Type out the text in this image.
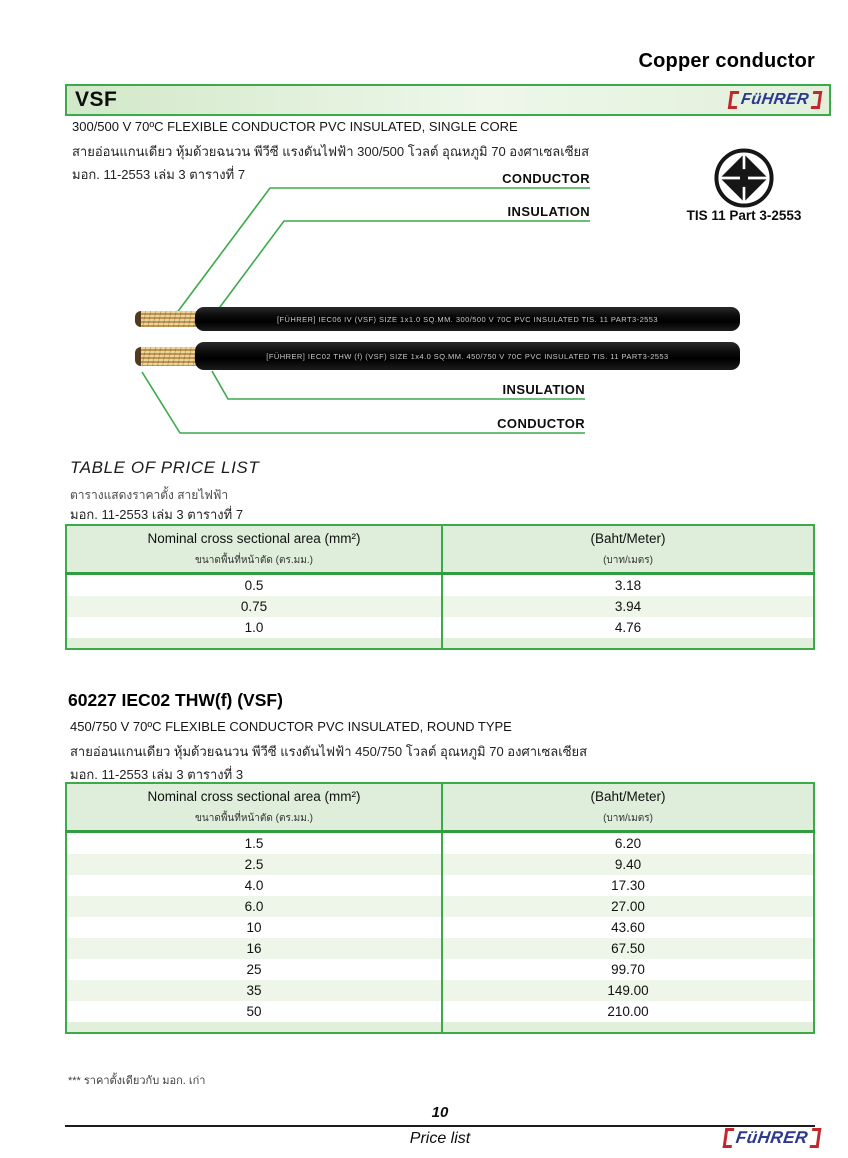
Copper conductor
VSF	FüHRER
300/500 V 70ºC FLEXIBLE CONDUCTOR PVC INSULATED, SINGLE CORE
สายอ่อนแกนเดียว หุ้มด้วยฉนวน พีวีซี แรงดันไฟฟ้า 300/500 โวลต์ อุณหภูมิ 70 องศาเซลเซียส
มอก. 11-2553 เล่ม 3 ตารางที่ 7
TIS 11 Part 3-2553
CONDUCTOR
INSULATION
INSULATION
CONDUCTOR
[FÜHRER] IEC06 IV (VSF) SIZE 1x1.0 SQ.MM. 300/500 V 70C PVC INSULATED TIS. 11 PART3-2553
[FÜHRER] IEC02 THW (f) (VSF) SIZE 1x4.0 SQ.MM. 450/750 V 70C PVC INSULATED TIS. 11 PART3-2553
TABLE OF PRICE LIST
ตารางแสดงราคาตั้ง สายไฟฟ้า
มอก. 11-2553 เล่ม 3 ตารางที่ 7
Nominal cross sectional area (mm²)
ขนาดพื้นที่หน้าตัด (ตร.มม.)

(Baht/Meter)
(บาท/เมตร)

0.5	3.18
0.75	3.94
1.0	4.76

60227 IEC02 THW(f) (VSF)
450/750 V 70ºC FLEXIBLE CONDUCTOR PVC INSULATED, ROUND TYPE
สายอ่อนแกนเดียว หุ้มด้วยฉนวน พีวีซี แรงดันไฟฟ้า 450/750 โวลต์ อุณหภูมิ 70 องศาเซลเซียส
มอก. 11-2553 เล่ม 3 ตารางที่ 3
Nominal cross sectional area (mm²)
ขนาดพื้นที่หน้าตัด (ตร.มม.)

(Baht/Meter)
(บาท/เมตร)

1.5	6.20
2.5	9.40
4.0	17.30
6.0	27.00
10	43.60
16	67.50
25	99.70
35	149.00
50	210.00

*** ราคาตั้งเดียวกับ มอก. เก่า
10
Price list	FüHRER
